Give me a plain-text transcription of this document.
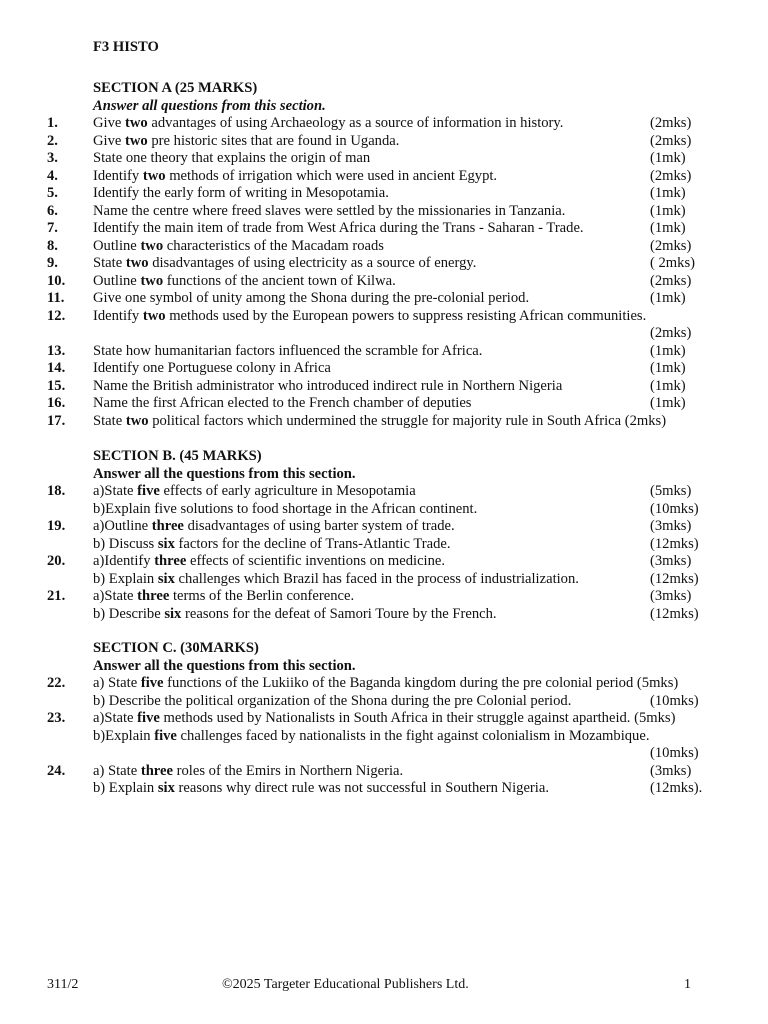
F3 HISTO
SECTION A (25 MARKS)
Answer all questions from this section.
1. Give two advantages of using Archaeology as a source of information in history.	(2mks)
2. Give two pre historic sites that are found in Uganda.	(2mks)
3. State one theory that explains the origin of man	(1mk)
4. Identify two methods of irrigation which were used in ancient Egypt.	(2mks)
5. Identify the early form of writing in Mesopotamia.	(1mk)
6. Name the centre where freed slaves were settled by the missionaries in Tanzania.	(1mk)
7. Identify the main item of trade from West Africa during the Trans - Saharan - Trade.	(1mk)
8. Outline two characteristics of the Macadam roads	(2mks)
9. State two disadvantages of using electricity as a source of energy.	( 2mks)
10. Outline two functions of the ancient town of Kilwa.	(2mks)
11. Give one symbol of unity among the Shona during the pre-colonial period.	(1mk)
12. Identify two methods used by the European powers to suppress resisting African communities.
(2mks)
13. State how humanitarian factors influenced the scramble for Africa.	(1mk)
14. Identify one Portuguese colony in Africa	(1mk)
15. Name the British administrator who introduced indirect rule in Northern Nigeria	(1mk)
16. Name the first African elected to the French chamber of deputies	(1mk)
17. State two political factors which undermined the struggle for majority rule in South Africa (2mks)
SECTION B. (45 MARKS)
Answer all the questions from this section.
18. a)State five effects of early agriculture in Mesopotamia	(5mks)
b)Explain five solutions to food shortage in the African continent.	(10mks)
19. a)Outline three disadvantages of using barter system of trade.	(3mks)
b) Discuss six factors for the decline of Trans-Atlantic Trade.	(12mks)
20. a)Identify three effects of scientific inventions on medicine.	(3mks)
b) Explain six challenges which Brazil has faced in the process of industrialization.	(12mks)
21. a)State three terms of the Berlin conference.	(3mks)
b) Describe six reasons for the defeat of Samori Toure by the French.	(12mks)
SECTION C. (30MARKS)
Answer all the questions from this section.
22. a) State five functions of the Lukiiko of the Baganda kingdom during the pre colonial period (5mks)
b) Describe the political organization of the Shona during the pre Colonial period.	(10mks)
23. a)State five methods used by Nationalists in South Africa in their struggle against apartheid. (5mks)
b)Explain five challenges faced by nationalists in the fight against colonialism in Mozambique.
(10mks)
24. a) State three roles of the Emirs in Northern Nigeria.	(3mks)
b) Explain six reasons why direct rule was not successful in Southern Nigeria.	(12mks).
311/2	©2025 Targeter Educational Publishers Ltd.	1
